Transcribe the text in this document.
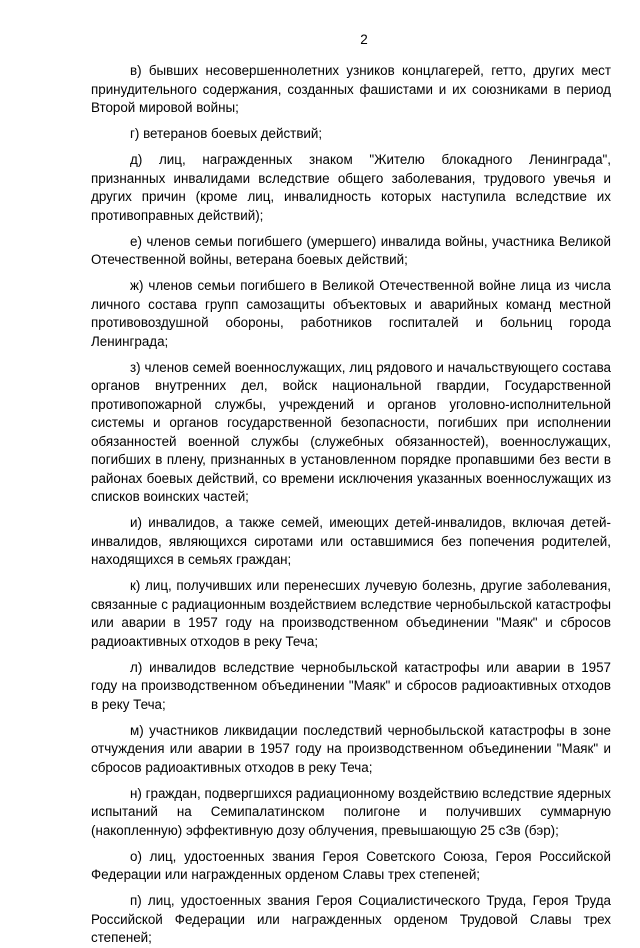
2

в) бывших несовершеннолетних узников концлагерей, гетто, других мест принудительного содержания, созданных фашистами и их союзниками в период Второй мировой войны;

г) ветеранов боевых действий;

д) лиц, награжденных знаком "Жителю блокадного Ленинграда", признанных инвалидами вследствие общего заболевания, трудового увечья и других причин (кроме лиц, инвалидность которых наступила вследствие их противоправных действий);

е) членов семьи погибшего (умершего) инвалида войны, участника Великой Отечественной войны, ветерана боевых действий;

ж) членов семьи погибшего в Великой Отечественной войне лица из числа личного состава групп самозащиты объектовых и аварийных команд местной противовоздушной обороны, работников госпиталей и больниц города Ленинграда;

з) членов семей военнослужащих, лиц рядового и начальствующего состава органов внутренних дел, войск национальной гвардии, Государственной противопожарной службы, учреждений и органов уголовно-исполнительной системы и органов государственной безопасности, погибших при исполнении обязанностей военной службы (служебных обязанностей), военнослужащих, погибших в плену, признанных в установленном порядке пропавшими без вести в районах боевых действий, со времени исключения указанных военнослужащих из списков воинских частей;

и) инвалидов, а также семей, имеющих детей-инвалидов, включая детей-инвалидов, являющихся сиротами или оставшимися без попечения родителей, находящихся в семьях граждан;

к) лиц, получивших или перенесших лучевую болезнь, другие заболевания, связанные с радиационным воздействием вследствие чернобыльской катастрофы или аварии в 1957 году на производственном объединении "Маяк" и сбросов радиоактивных отходов в реку Теча;

л) инвалидов вследствие чернобыльской катастрофы или аварии в 1957 году на производственном объединении "Маяк" и сбросов радиоактивных отходов в реку Теча;

м) участников ликвидации последствий чернобыльской катастрофы в зоне отчуждения или аварии в 1957 году на производственном объединении "Маяк" и сбросов радиоактивных отходов в реку Теча;

н) граждан, подвергшихся радиационному воздействию вследствие ядерных испытаний на Семипалатинском полигоне и получивших суммарную (накопленную) эффективную дозу облучения, превышающую 25 сЗв (бэр);

о) лиц, удостоенных звания Героя Советского Союза, Героя Российской Федерации или награжденных орденом Славы трех степеней;

п) лиц, удостоенных звания Героя Социалистического Труда, Героя Труда Российской Федерации или награжденных орденом Трудовой Славы трех степеней;
